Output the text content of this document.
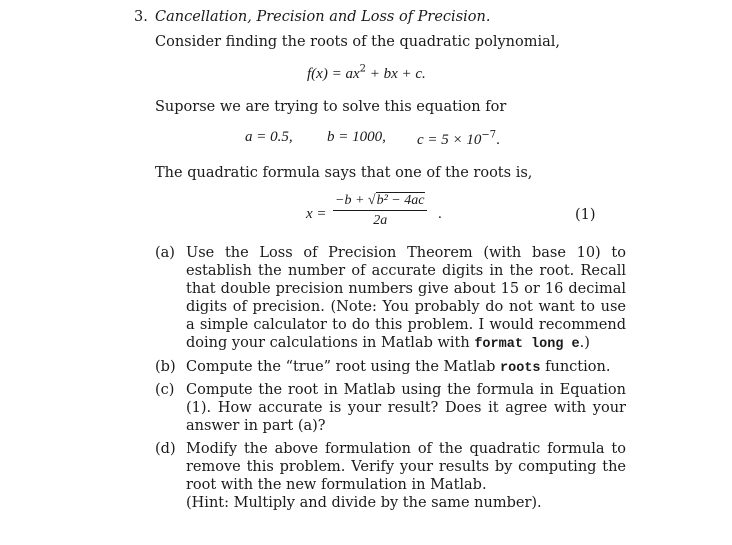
3. Cancellation, Precision and Loss of Precision.
Consider finding the roots of the quadratic polynomial,
$f(x) = ax^2$ + bx + c.
Suporse we are trying to solve this equation for
a = 0.5, b = 1000, $c = 5 \times 10^{-7}$.
The quadratic formula says that one of the roots is,
x =
−b + √b² − 4ac
2a	.	(1)
(a) Use the Loss of Precision Theorem (with base 10) to establish the number of accurate digits in the root. Recall that double precision numbers give about 15 or 16 decimal digits of precision. (Note: You probably do not want to use a simple calculator to do this problem. I would recommend doing your calculations in Matlab with format long e.)
(b) Compute the “true” root using the Matlab roots function.
(c) Compute the root in Matlab using the formula in Equation (1). How accurate is your result? Does it agree with your answer in part (a)?
(d) Modify the above formulation of the quadratic formula to remove this problem. Verify your results by computing the root with the new formulation in Matlab.
(Hint: Multiply and divide by the same number).
